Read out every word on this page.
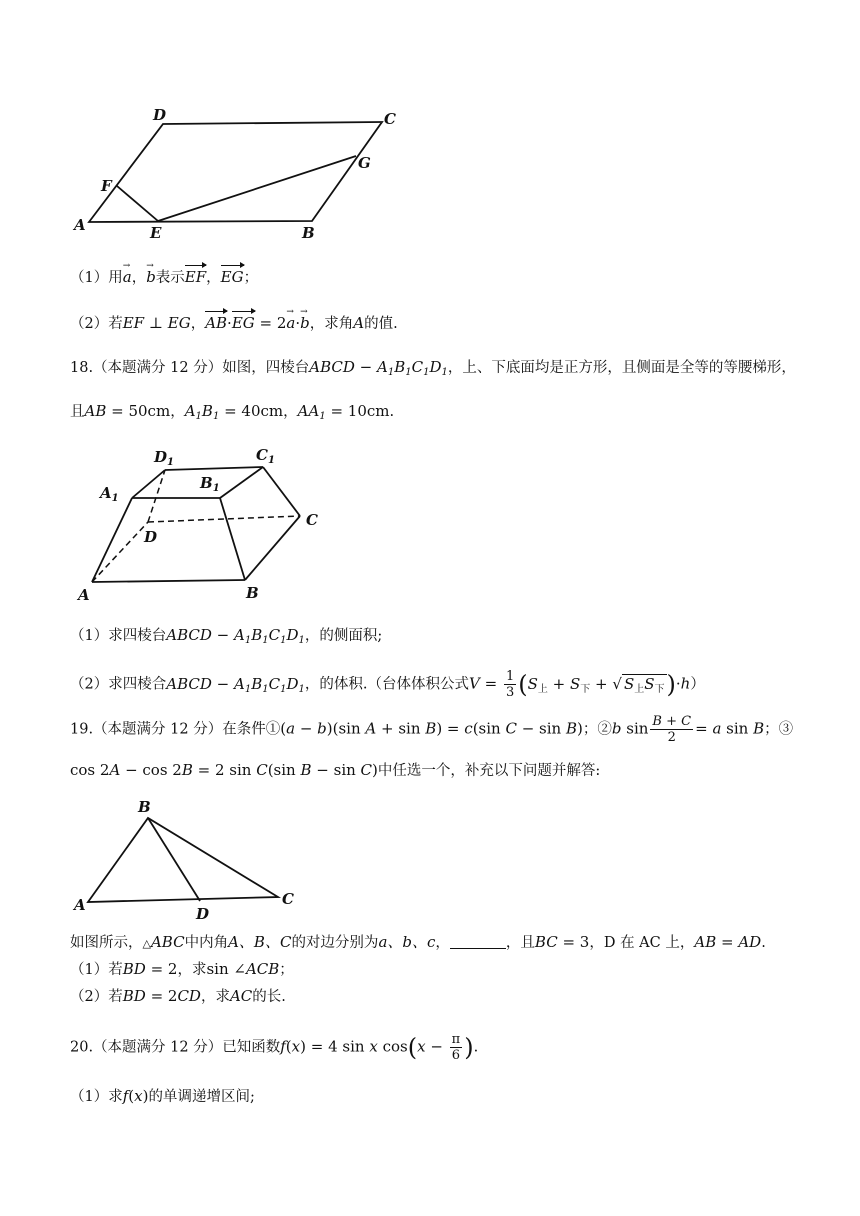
D	C
G
F
A	E	B
（1）用→ a，→ b表示EF，EG；
（2）若EF ⊥ EG，AB·EG = 2→ a·→ b，求角A的值.
18.（本题满分 12 分）如图，四棱台ABCD − $A_1B_1C_1D_1$，上、下底面均是正方形，且侧面是全等的等腰梯形，
且AB = 50cm，$A_1B_1 = 40cm$，$AA_1 = 10cm$.
$D_1$	$C_1$
$B_1$
$A_1$
D
C
A	B
（1）求四棱台ABCD − $A_1B_1C_1D_1$，的侧面积;
（2）求四棱合ABCD − $A_1B_1C_1D_1$，的体积.（台体体积公式$V = \frac{1}{3} (S_上 + S_下$ + √ $S_上S_下)\cdot h$）
19.（本题满分 12 分）在条件①(a − b)(sin A + sin B) = c(sin C − sin B)；②b $\sin \frac{B + C}{2} = a$ sin B；③
cos 2A − cos 2B = 2 sin C(sin B − sin C)中任选一个，补充以下问题并解答:
B
A	D
C
如图所示，△ABC中内角A、B、C的对边分别为a、b、c，	，且BC = 3，D 在 AC 上，AB = AD.
（1）若BD = 2，求sin ∠ACB；
（2）若BD = 2CD，求AC的长.
20.（本题满分 12 分）已知函数f(x) = 4 sin x $\cos(x - \frac{\pi}{6}$ ).
（1）求f(x)的单调递增区间;
